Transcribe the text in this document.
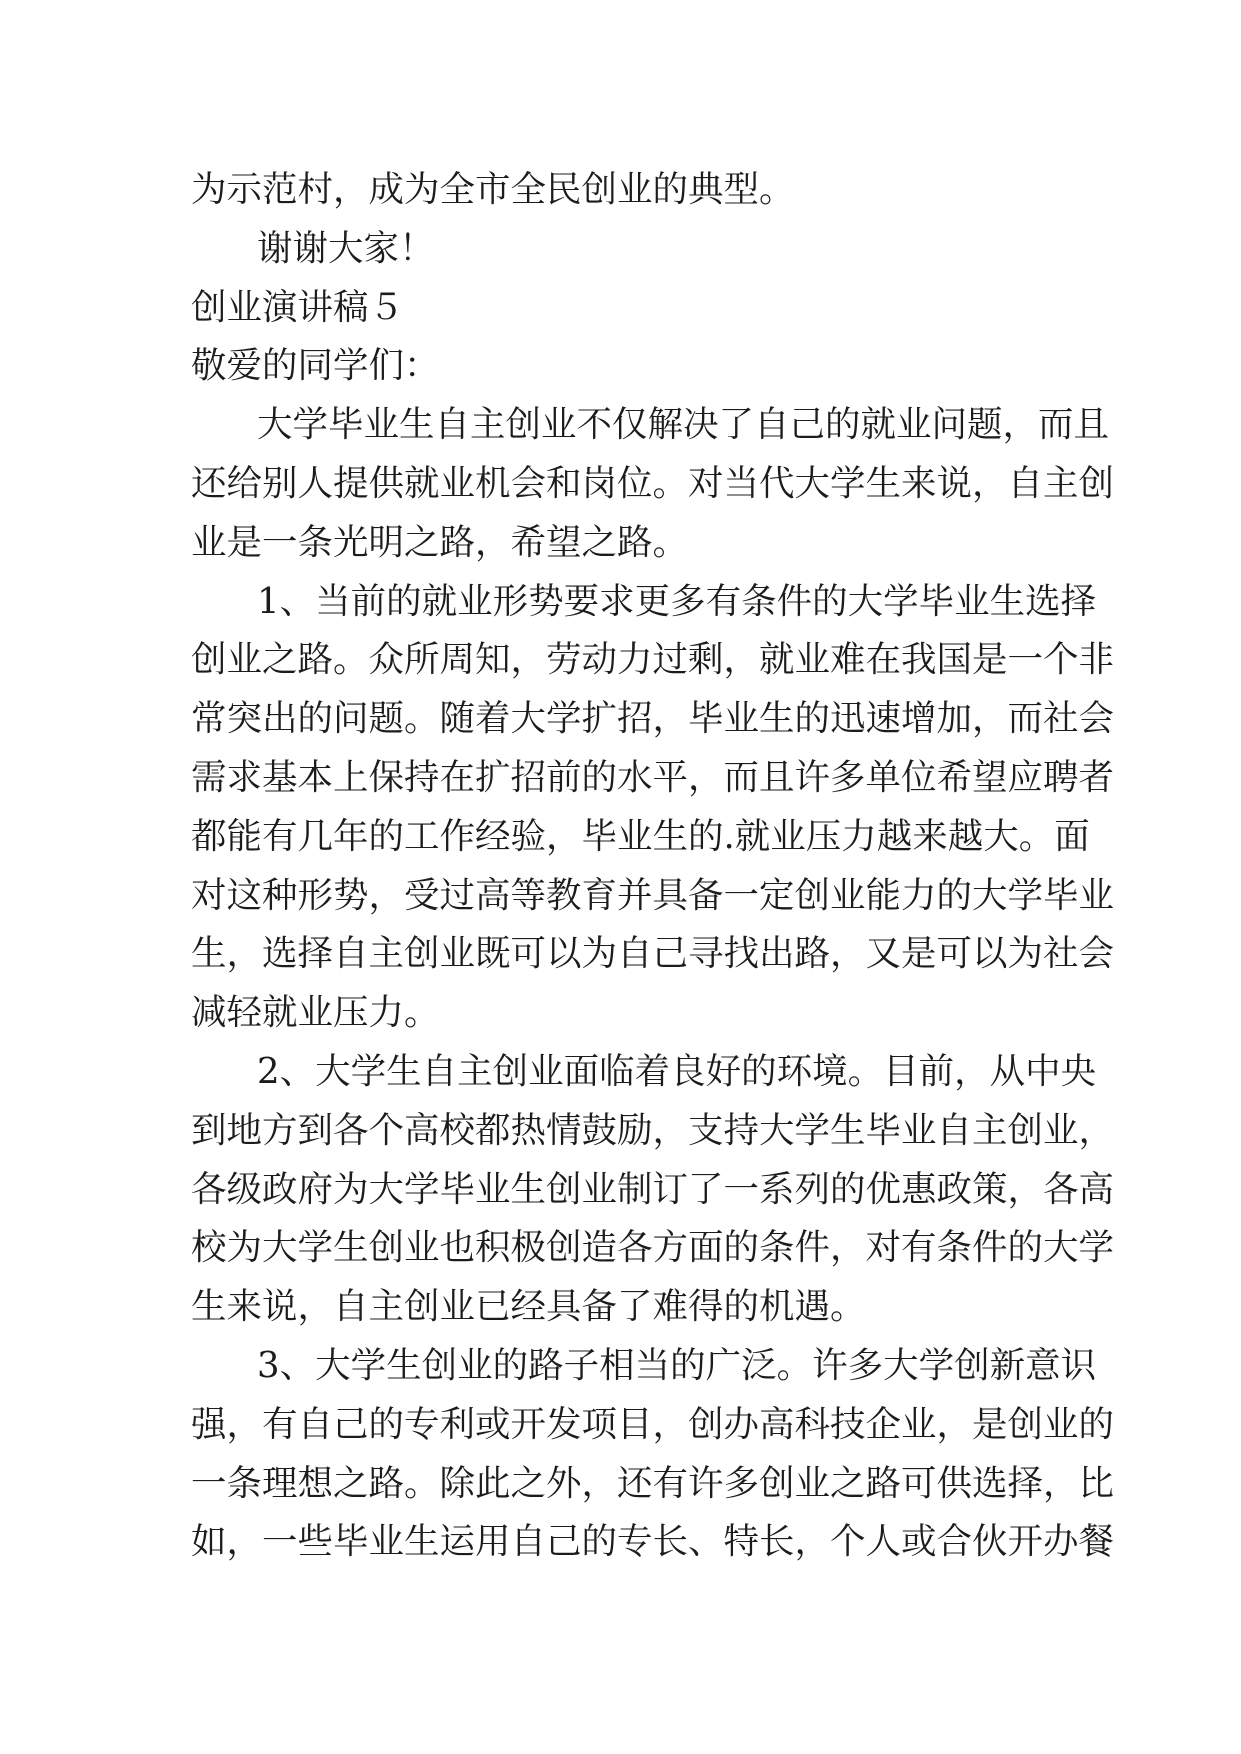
为示范村，成为全市全民创业的典型。
谢谢大家！
创业演讲稿５
敬爱的同学们：
大学毕业生自主创业不仅解决了自己的就业问题，而且
还给别人提供就业机会和岗位。对当代大学生来说，自主创
业是一条光明之路，希望之路。
1、当前的就业形势要求更多有条件的大学毕业生选择
创业之路。众所周知，劳动力过剩，就业难在我国是一个非
常突出的问题。随着大学扩招，毕业生的迅速增加，而社会
需求基本上保持在扩招前的水平，而且许多单位希望应聘者
都能有几年的工作经验，毕业生的.就业压力越来越大。面
对这种形势，受过高等教育并具备一定创业能力的大学毕业
生，选择自主创业既可以为自己寻找出路，又是可以为社会
减轻就业压力。
2、大学生自主创业面临着良好的环境。目前，从中央
到地方到各个高校都热情鼓励，支持大学生毕业自主创业，
各级政府为大学毕业生创业制订了一系列的优惠政策，各高
校为大学生创业也积极创造各方面的条件，对有条件的大学
生来说，自主创业已经具备了难得的机遇。
3、大学生创业的路子相当的广泛。许多大学创新意识
强，有自己的专利或开发项目，创办高科技企业，是创业的
一条理想之路。除此之外，还有许多创业之路可供选择，比
如，一些毕业生运用自己的专长、特长，个人或合伙开办餐
